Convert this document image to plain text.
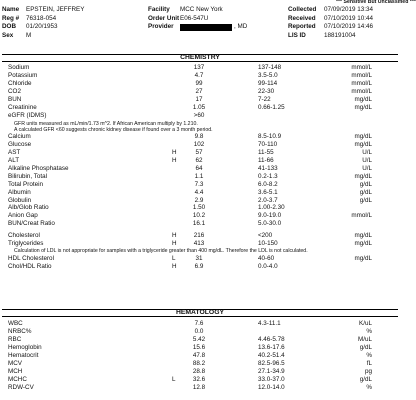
*** Sensitive But Unclassified ***
Name	EPSTEIN, JEFFREY
Reg #	76318-054
DOB	01/20/1953
Sex	M
Facility	MCC New York
Order Unit E06-547U
Provider	, MD
Collected	07/09/2019 13:34
Received	07/10/2019 10:44
Reported	07/10/2019 14:46
LIS ID	188191004
CHEMISTRY
Sodium	137	137-148	mmol/L
Potassium	4.7	3.5-5.0	mmol/L
Chloride	99	99-114	mmol/L
CO2	27	22-30	mmol/L
BUN	17	7-22	mg/dL
Creatinine	1.05	0.66-1.25	mg/dL
eGFR (IDMS)	>60
GFR units measured as mL/min/1.73 m^2. If African American multiply by 1.210.
A calculated GFR <60 suggests chronic kidney disease if found over a 3 month period.
Calcium	9.8	8.5-10.9	mg/dL
Glucose	102	70-110	mg/dL
AST	H	57	11-55	U/L
ALT	H	62	11-66	U/L
Alkaline Phosphatase	64	41-133	U/L
Bilirubin, Total	1.1	0.2-1.3	mg/dL
Total Protein	7.3	6.0-8.2	g/dL
Albumin	4.4	3.6-5.1	g/dL
Globulin	2.9	2.0-3.7	g/dL
Alb/Glob Ratio	1.50	1.00-2.30
Anion Gap	10.2	9.0-19.0	mmol/L
BUN/Creat Ratio	16.1	5.0-30.0
Cholesterol	H	216	<200	mg/dL
Triglycerides	H	413	10-150	mg/dL
Calculation of LDL is not appropriate for samples with a triglyceride greater than 400 mg/dL. Therefore the LDL is not calculated.
HDL Cholesterol	L	31	40-60	mg/dL
Chol/HDL Ratio	H	6.9	0.0-4.0
HEMATOLOGY
WBC	7.6	4.3-11.1	K/uL
NRBC%	0.0	%
RBC	5.42	4.46-5.78	M/uL
Hemoglobin	15.6	13.6-17.6	g/dL
Hematocrit	47.8	40.2-51.4	%
MCV	88.2	82.5-96.5	fL
MCH	28.8	27.1-34.9	pg
MCHC	L	32.6	33.0-37.0	g/dL
RDW-CV	12.8	12.0-14.0	%
